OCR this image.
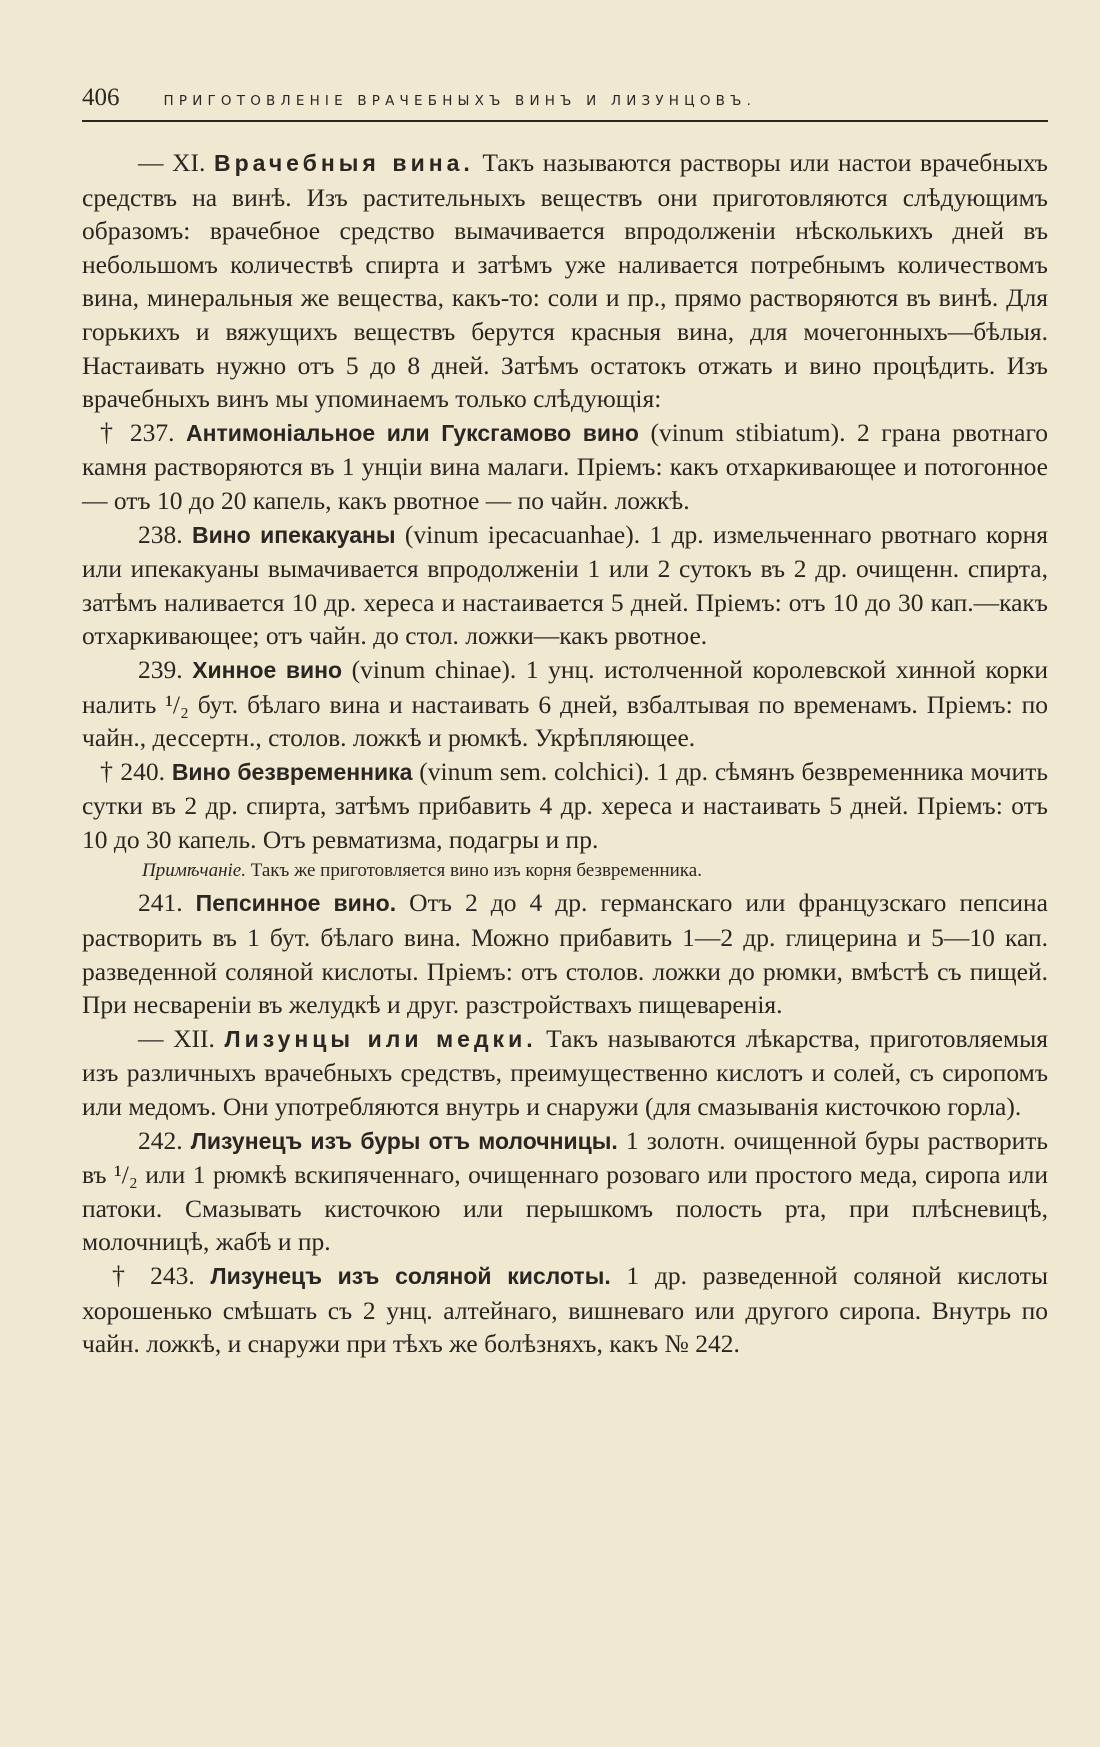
406	ПРИГОТОВЛЕНІЕ ВРАЧЕБНЫХЪ ВИНЪ И ЛИЗУНЦОВЪ.

— XI. Врачебныя вина. Такъ называются растворы или настои врачебныхъ средствъ на винѣ. Изъ растительныхъ веществъ они приготовляются слѣдующимъ образомъ: врачебное средство вымачивается впродолженіи нѣсколькихъ дней въ небольшомъ количествѣ спирта и затѣмъ уже наливается потребнымъ количествомъ вина, минеральныя же вещества, какъ-то: соли и пр., прямо растворяются въ винѣ. Для горькихъ и вяжущихъ веществъ берутся красныя вина, для мочегонныхъ—бѣлыя. Настаивать нужно отъ 5 до 8 дней. Затѣмъ остатокъ отжать и вино процѣдить. Изъ врачебныхъ винъ мы упоминаемъ только слѣдующія:

† 237. Антимоніальное или Гуксгамово вино (vinum stibiatum). 2 грана рвотнаго камня растворяются въ 1 унціи вина малаги. Пріемъ: какъ отхаркивающее и потогонное — отъ 10 до 20 капель, какъ рвотное — по чайн. ложкѣ.

238. Вино ипекакуаны (vinum ipecacuanhae). 1 др. измельченнаго рвотнаго корня или ипекакуаны вымачивается впродолженіи 1 или 2 сутокъ въ 2 др. очищенн. спирта, затѣмъ наливается 10 др. хереса и настаивается 5 дней. Пріемъ: отъ 10 до 30 кап.—какъ отхаркивающее; отъ чайн. до стол. ложки—какъ рвотное.

239. Хинное вино (vinum chinae). 1 унц. истолченной королевской хинной корки налить ¹/₂ бут. бѣлаго вина и настаивать 6 дней, взбалтывая по временамъ. Пріемъ: по чайн., дессертн., столов. ложкѣ и рюмкѣ. Укрѣпляющее.

† 240. Вино безвременника (vinum sem. colchici). 1 др. сѣмянъ безвременника мочить сутки въ 2 др. спирта, затѣмъ прибавить 4 др. хереса и настаивать 5 дней. Пріемъ: отъ 10 до 30 капель. Отъ ревматизма, подагры и пр.

Примѣчаніе. Такъ же приготовляется вино изъ корня безвременника.

241. Пепсинное вино. Отъ 2 до 4 др. германскаго или французскаго пепсина растворить въ 1 бут. бѣлаго вина. Можно прибавить 1—2 др. глицерина и 5—10 кап. разведенной соляной кислоты. Пріемъ: отъ столов. ложки до рюмки, вмѣстѣ съ пищей. При несвареніи въ желудкѣ и друг. разстройствахъ пищеваренія.

— XII. Лизунцы или медки. Такъ называются лѣкарства, приготовляемыя изъ различныхъ врачебныхъ средствъ, преимущественно кислотъ и солей, съ сиропомъ или медомъ. Они употребляются внутрь и снаружи (для смазыванія кисточкою горла).

242. Лизунецъ изъ буры отъ молочницы. 1 золотн. очищенной буры растворить въ ¹/₂ или 1 рюмкѣ вскипяченнаго, очищеннаго розоваго или простого меда, сиропа или патоки. Смазывать кисточкою или перышкомъ полость рта, при плѣсневицѣ, молочницѣ, жабѣ и пр.

† 243. Лизунецъ изъ соляной кислоты. 1 др. разведенной соляной кислоты хорошенько смѣшать съ 2 унц. алтейнаго, вишневаго или другого сиропа. Внутрь по чайн. ложкѣ, и снаружи при тѣхъ же болѣзняхъ, какъ № 242.
